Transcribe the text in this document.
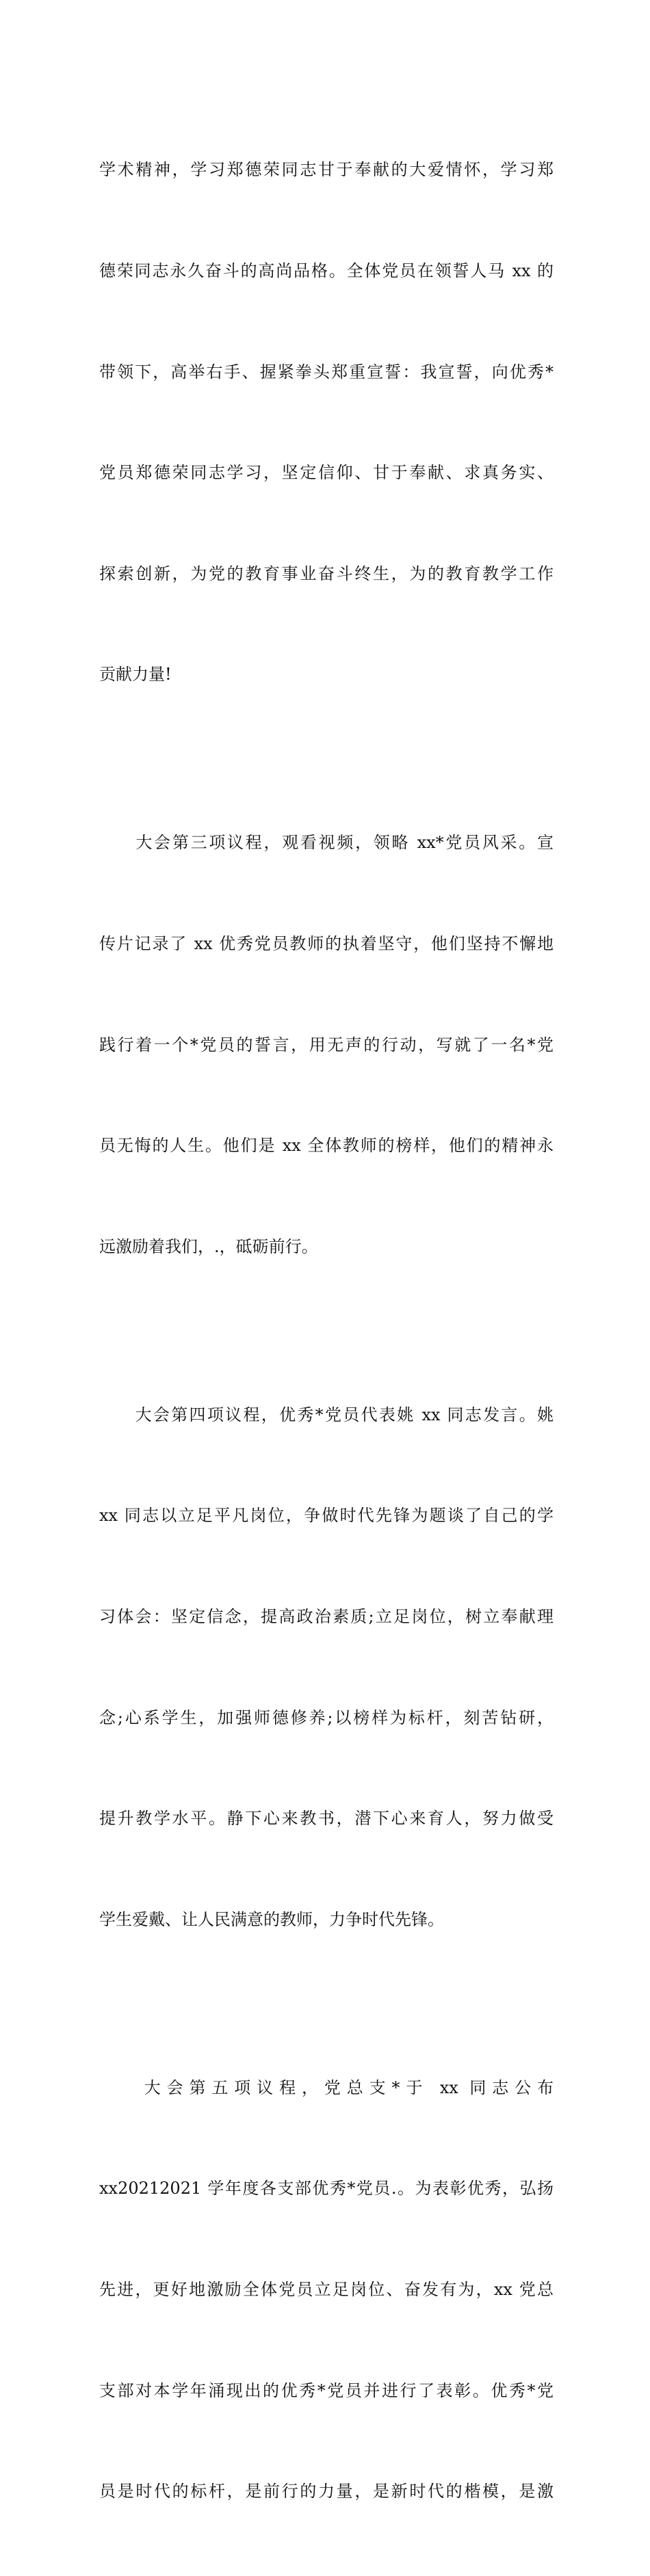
学术精神，学习郑德荣同志甘于奉献的大爱情怀，学习郑

德荣同志永久奋斗的高尚品格。全体党员在领誓人马 xx 的

带领下，高举右手、握紧拳头郑重宣誓：我宣誓，向优秀*

党员郑德荣同志学习，坚定信仰、甘于奉献、求真务实、

探索创新，为党的教育事业奋斗终生，为的教育教学工作

贡献力量!

　　大会第三项议程，观看视频，领略 xx*党员风采。宣

传片记录了 xx 优秀党员教师的执着坚守，他们坚持不懈地

践行着一个*党员的誓言，用无声的行动，写就了一名*党

员无悔的人生。他们是 xx 全体教师的榜样，他们的精神永

远激励着我们，.，砥砺前行。

　　大会第四项议程，优秀*党员代表姚 xx 同志发言。姚

xx 同志以立足平凡岗位，争做时代先锋为题谈了自己的学

习体会：坚定信念，提高政治素质;立足岗位，树立奉献理

念;心系学生，加强师德修养;以榜样为标杆，刻苦钻研，

提升教学水平。静下心来教书，潜下心来育人，努力做受

学生爱戴、让人民满意的教师，力争时代先锋。

　　大会第五项议程，党总支*于 xx 同志公布

xx20212021 学年度各支部优秀*党员.。为表彰优秀，弘扬

先进，更好地激励全体党员立足岗位、奋发有为，xx 党总

支部对本学年涌现出的优秀*党员并进行了表彰。优秀*党

员是时代的标杆，是前行的力量，是新时代的楷模，是激
